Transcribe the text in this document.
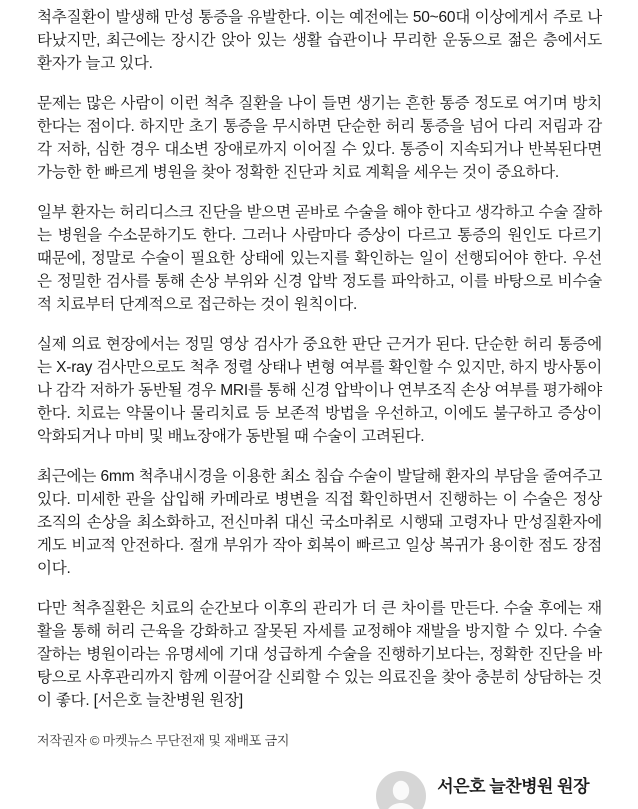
척추질환이 발생해 만성 통증을 유발한다. 이는 예전에는 50~60대 이상에게서 주로 나타났지만, 최근에는 장시간 앉아 있는 생활 습관이나 무리한 운동으로 젊은 층에서도 환자가 늘고 있다.

문제는 많은 사람이 이런 척추 질환을 나이 들면 생기는 흔한 통증 정도로 여기며 방치한다는 점이다. 하지만 초기 통증을 무시하면 단순한 허리 통증을 넘어 다리 저림과 감각 저하, 심한 경우 대소변 장애로까지 이어질 수 있다. 통증이 지속되거나 반복된다면 가능한 한 빠르게 병원을 찾아 정확한 진단과 치료 계획을 세우는 것이 중요하다.

일부 환자는 허리디스크 진단을 받으면 곧바로 수술을 해야 한다고 생각하고 수술 잘하는 병원을 수소문하기도 한다. 그러나 사람마다 증상이 다르고 통증의 원인도 다르기 때문에, 정말로 수술이 필요한 상태에 있는지를 확인하는 일이 선행되어야 한다. 우선은 정밀한 검사를 통해 손상 부위와 신경 압박 정도를 파악하고, 이를 바탕으로 비수술적 치료부터 단계적으로 접근하는 것이 원칙이다.

실제 의료 현장에서는 정밀 영상 검사가 중요한 판단 근거가 된다. 단순한 허리 통증에는 X-ray 검사만으로도 척추 정렬 상태나 변형 여부를 확인할 수 있지만, 하지 방사통이나 감각 저하가 동반될 경우 MRI를 통해 신경 압박이나 연부조직 손상 여부를 평가해야 한다. 치료는 약물이나 물리치료 등 보존적 방법을 우선하고, 이에도 불구하고 증상이 악화되거나 마비 및 배뇨장애가 동반될 때 수술이 고려된다.

최근에는 6mm 척추내시경을 이용한 최소 침습 수술이 발달해 환자의 부담을 줄여주고 있다. 미세한 관을 삽입해 카메라로 병변을 직접 확인하면서 진행하는 이 수술은 정상 조직의 손상을 최소화하고, 전신마취 대신 국소마취로 시행돼 고령자나 만성질환자에게도 비교적 안전하다. 절개 부위가 작아 회복이 빠르고 일상 복귀가 용이한 점도 장점이다.

다만 척추질환은 치료의 순간보다 이후의 관리가 더 큰 차이를 만든다. 수술 후에는 재활을 통해 허리 근육을 강화하고 잘못된 자세를 교정해야 재발을 방지할 수 있다. 수술 잘하는 병원이라는 유명세에 기대 성급하게 수술을 진행하기보다는, 정확한 진단을 바탕으로 사후관리까지 함께 이끌어갈 신뢰할 수 있는 의료진을 찾아 충분히 상담하는 것이 좋다. [서은호 늘찬병원 원장]

저작권자 © 마켓뉴스 무단전재 및 재배포 금지

서은호 늘찬병원 원장
